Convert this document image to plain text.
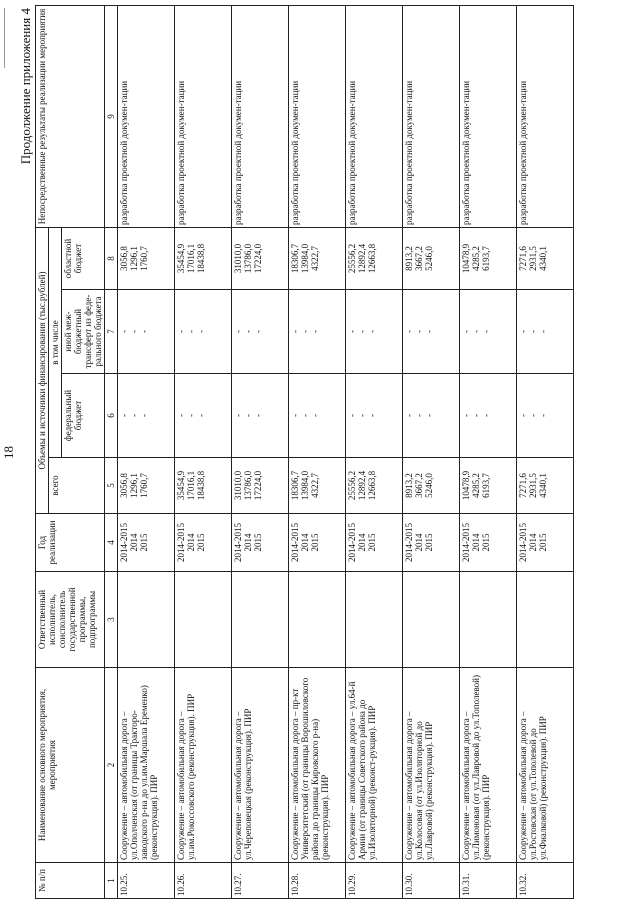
18
Продолжение приложения 4
№ п/п	Наименование основного мероприятия, мероприятия	Ответственный исполнитель, соисполнитель государственной программы, подпрограммы	Год реализации	Объемы и источники финансирования (тыс.рублей)				Непосредственные результаты реализации мероприятия
				всего	в том числе			
					федеральный бюджет	иной меж-бюджетный трансферт из феде-рального бюджета	областной бюджет	
1	2	3	4	5	6	7	8	9
10.25.	Сооружение – автомобильная дорога – ул.Ополченская (от границы Тракторо-заводского р-на до ул.им.Маршала Еременко) (реконструкция). ПИР		2014-2015 2014 2015	3056,8 1296,1 1760,7	- - -	- - -	3056,8 1296,1 1760,7	разработка проектной докумен-тации
10.26.	Сооружение – автомобильная дорога – ул.им.Рокоссовского (реконструкция). ПИР		2014-2015 2014 2015	35454,9 17016,1 18438,8	- - -	- - -	35454,9 17016,1 18438,8	разработка проектной докумен-тации
10.27.	Сооружение – автомобильная дорога – ул.Череповецкая (реконструкция). ПИР		2014-2015 2014 2015	31010,0 13786,0 17224,0	- - -	- - -	31010,0 13786,0 17224,0	разработка проектной докумен-тации
10.28.	Сооружение – автомобильная дорога – пр-кт Университетский (от границы Ворошиловского района до границы Кировского р-на) (реконструкция). ПИР		2014-2015 2014 2015	18306,7 13984,0 4322,7	- - -	- - -	18306,7 13984,0 4322,7	разработка проектной докумен-тации
10.29.	Сооружение – автомобильная дорога – ул.64-й Армии (от границы Советского района до ул.Изоляторной) (реконст-рукция). ПИР		2014-2015 2014 2015	25556,2 12892,4 12663,8	- - -	- - -	25556,2 12892,4 12663,8	разработка проектной докумен-тации
10.30.	Сооружение – автомобильная дорога – ул.Колосовая (от ул.Изоляторной до ул.Лавровой) (реконструкция). ПИР		2014-2015 2014 2015	8913,2 3667,2 5246,0	- - -	- - -	8913,2 3667,2 5246,0	разработка проектной докумен-тации
10.31.	Сооружение – автомобильная дорога – ул.Лимоновая (от ул.Лавровой до ул.Тополевой) (реконструкция). ПИР		2014-2015 2014 2015	10478,9 4285,2 6193,7	- - -	- - -	10478,9 4285,2 6193,7	разработка проектной докумен-тации
10.32.	Сооружение – автомобильная дорога – ул.Ростовская (от ул.Тополевой до ул.Фиалковой) (реконструкция). ПИР		2014-2015 2014 2015	7271,6 2931,5 4340,1	- - -	- - -	7271,6 2931,5 4340,1	разработка проектной докумен-тации
